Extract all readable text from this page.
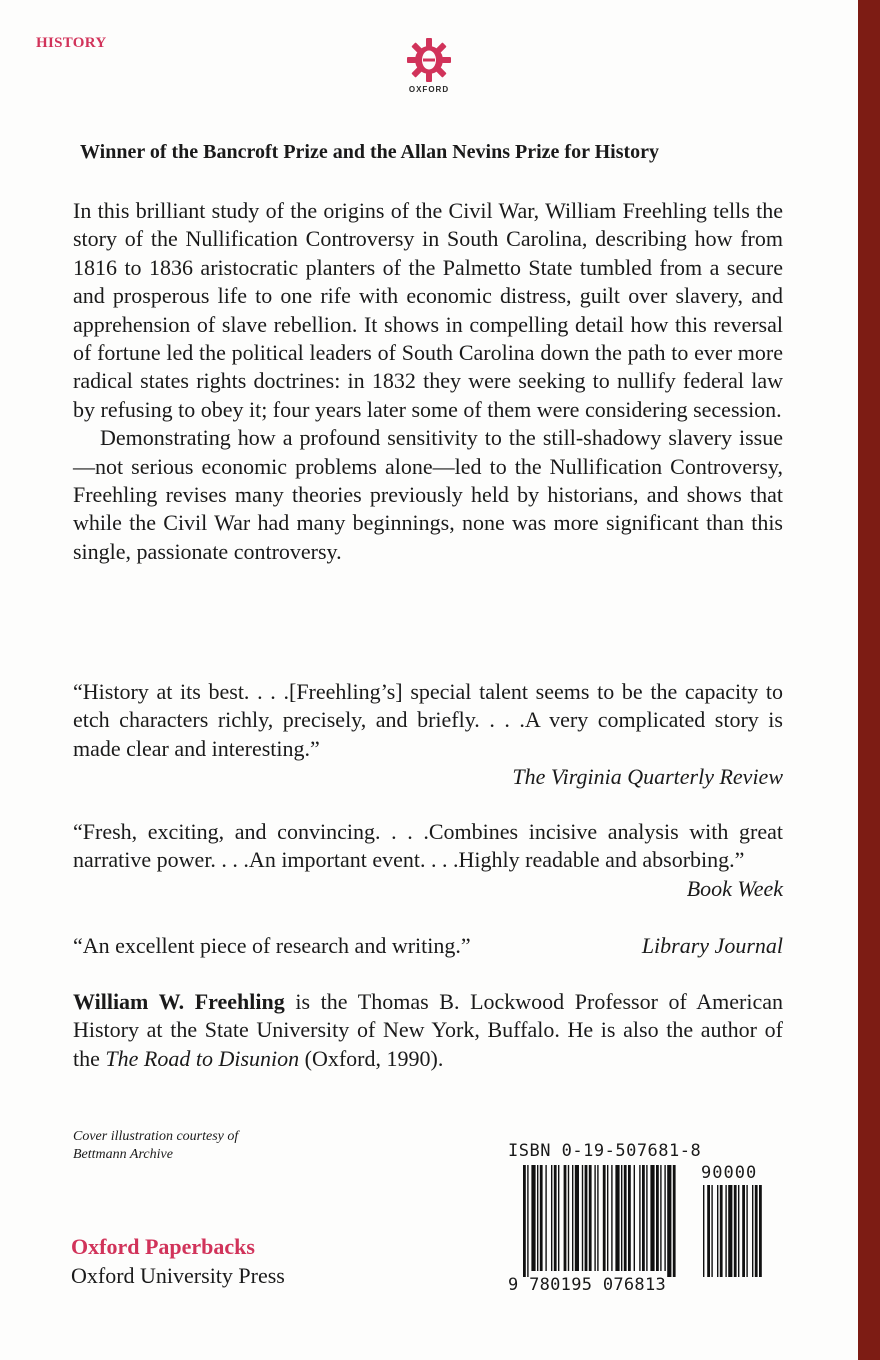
HISTORY
OXFORD
Winner of the Bancroft Prize and the Allan Nevins Prize for History

In this brilliant study of the origins of the Civil War, William Freehling tells the story of the Nullification Controversy in South Carolina, describing how from 1816 to 1836 aristocratic planters of the Palmetto State tumbled from a secure and prosperous life to one rife with economic distress, guilt over slavery, and apprehension of slave rebellion. It shows in compelling detail how this reversal of fortune led the political leaders of South Carolina down the path to ever more radical states rights doctrines: in 1832 they were seeking to nullify federal law by refusing to obey it; four years later some of them were considering secession.

Demonstrating how a profound sensitivity to the still-shadowy slavery issue—not serious economic problems alone—led to the Nullification Controversy, Freehling revises many theories previously held by historians, and shows that while the Civil War had many beginnings, none was more significant than this single, passionate controversy.

“History at its best. . . .[Freehling’s] special talent seems to be the capacity to etch characters richly, precisely, and briefly. . . .A very complicated story is made clear and interesting.”
The Virginia Quarterly Review
“Fresh, exciting, and convincing. . . .Combines incisive analysis with great narrative power. . . .An important event. . . .Highly readable and absorbing.”
Book Week
“An excellent piece of research and writing.”	Library Journal

William W. Freehling is the Thomas B. Lockwood Professor of American History at the State University of New York, Buffalo. He is also the author of the The Road to Disunion (Oxford, 1990).

Cover illustration courtesy of
Bettmann Archive
Oxford Paperbacks
Oxford University Press
ISBN 0-19-507681-8
90000
9 780195 076813
